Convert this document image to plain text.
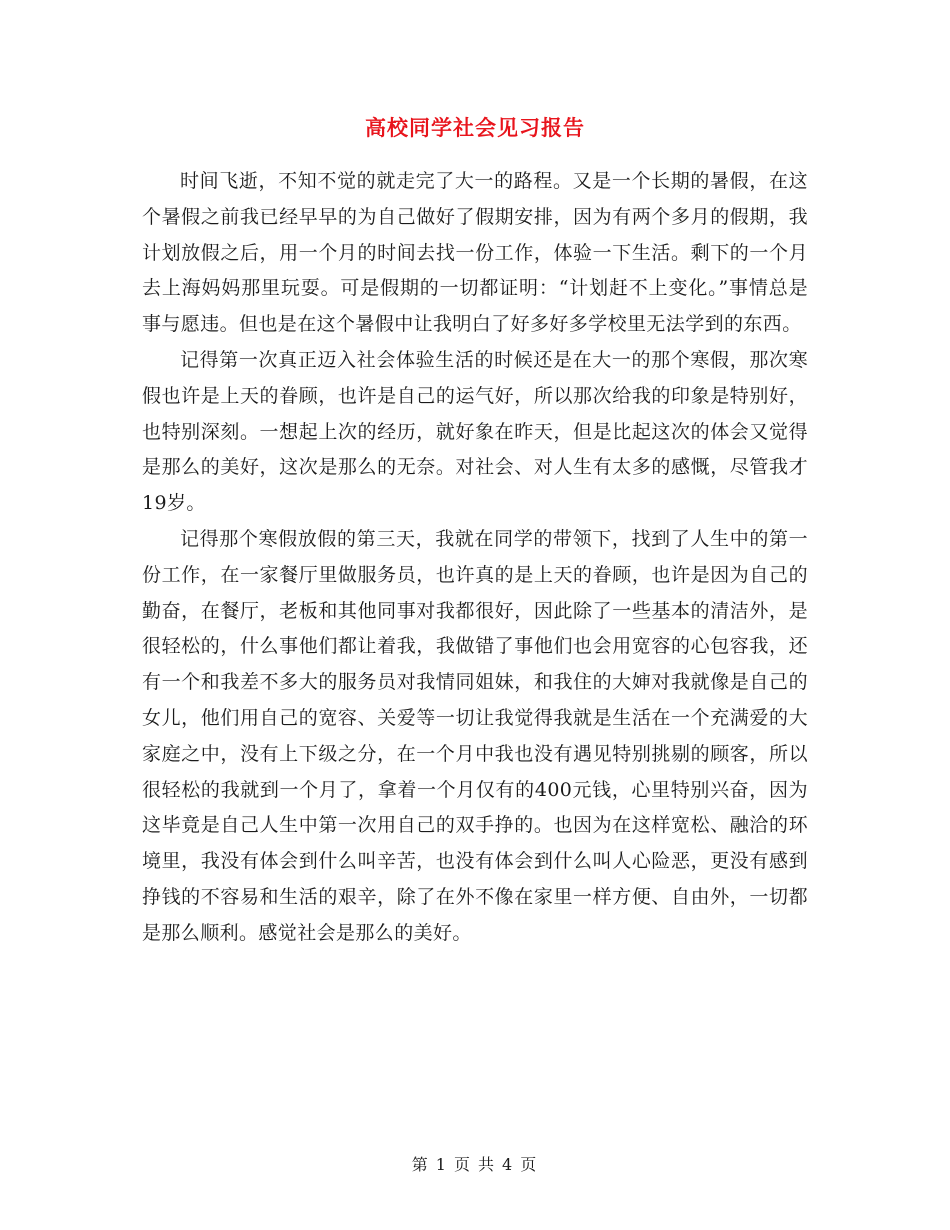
高校同学社会见习报告

时间飞逝，不知不觉的就走完了大一的路程。又是一个长期的暑假，在这个暑假之前我已经早早的为自己做好了假期安排，因为有两个多月的假期，我计划放假之后，用一个月的时间去找一份工作，体验一下生活。剩下的一个月去上海妈妈那里玩耍。可是假期的一切都证明：“计划赶不上变化。”事情总是事与愿违。但也是在这个暑假中让我明白了好多好多学校里无法学到的东西。

记得第一次真正迈入社会体验生活的时候还是在大一的那个寒假，那次寒假也许是上天的眷顾，也许是自己的运气好，所以那次给我的印象是特别好，也特别深刻。一想起上次的经历，就好象在昨天，但是比起这次的体会又觉得是那么的美好，这次是那么的无奈。对社会、对人生有太多的感慨，尽管我才19岁。

记得那个寒假放假的第三天，我就在同学的带领下，找到了人生中的第一份工作，在一家餐厅里做服务员，也许真的是上天的眷顾，也许是因为自己的勤奋，在餐厅，老板和其他同事对我都很好，因此除了一些基本的清洁外，是很轻松的，什么事他们都让着我，我做错了事他们也会用宽容的心包容我，还有一个和我差不多大的服务员对我情同姐妹，和我住的大婶对我就像是自己的女儿，他们用自己的宽容、关爱等一切让我觉得我就是生活在一个充满爱的大家庭之中，没有上下级之分，在一个月中我也没有遇见特别挑剔的顾客，所以很轻松的我就到一个月了，拿着一个月仅有的400元钱，心里特别兴奋，因为这毕竟是自己人生中第一次用自己的双手挣的。也因为在这样宽松、融洽的环境里，我没有体会到什么叫辛苦，也没有体会到什么叫人心险恶，更没有感到挣钱的不容易和生活的艰辛，除了在外不像在家里一样方便、自由外，一切都是那么顺利。感觉社会是那么的美好。

第 1 页 共 4 页
